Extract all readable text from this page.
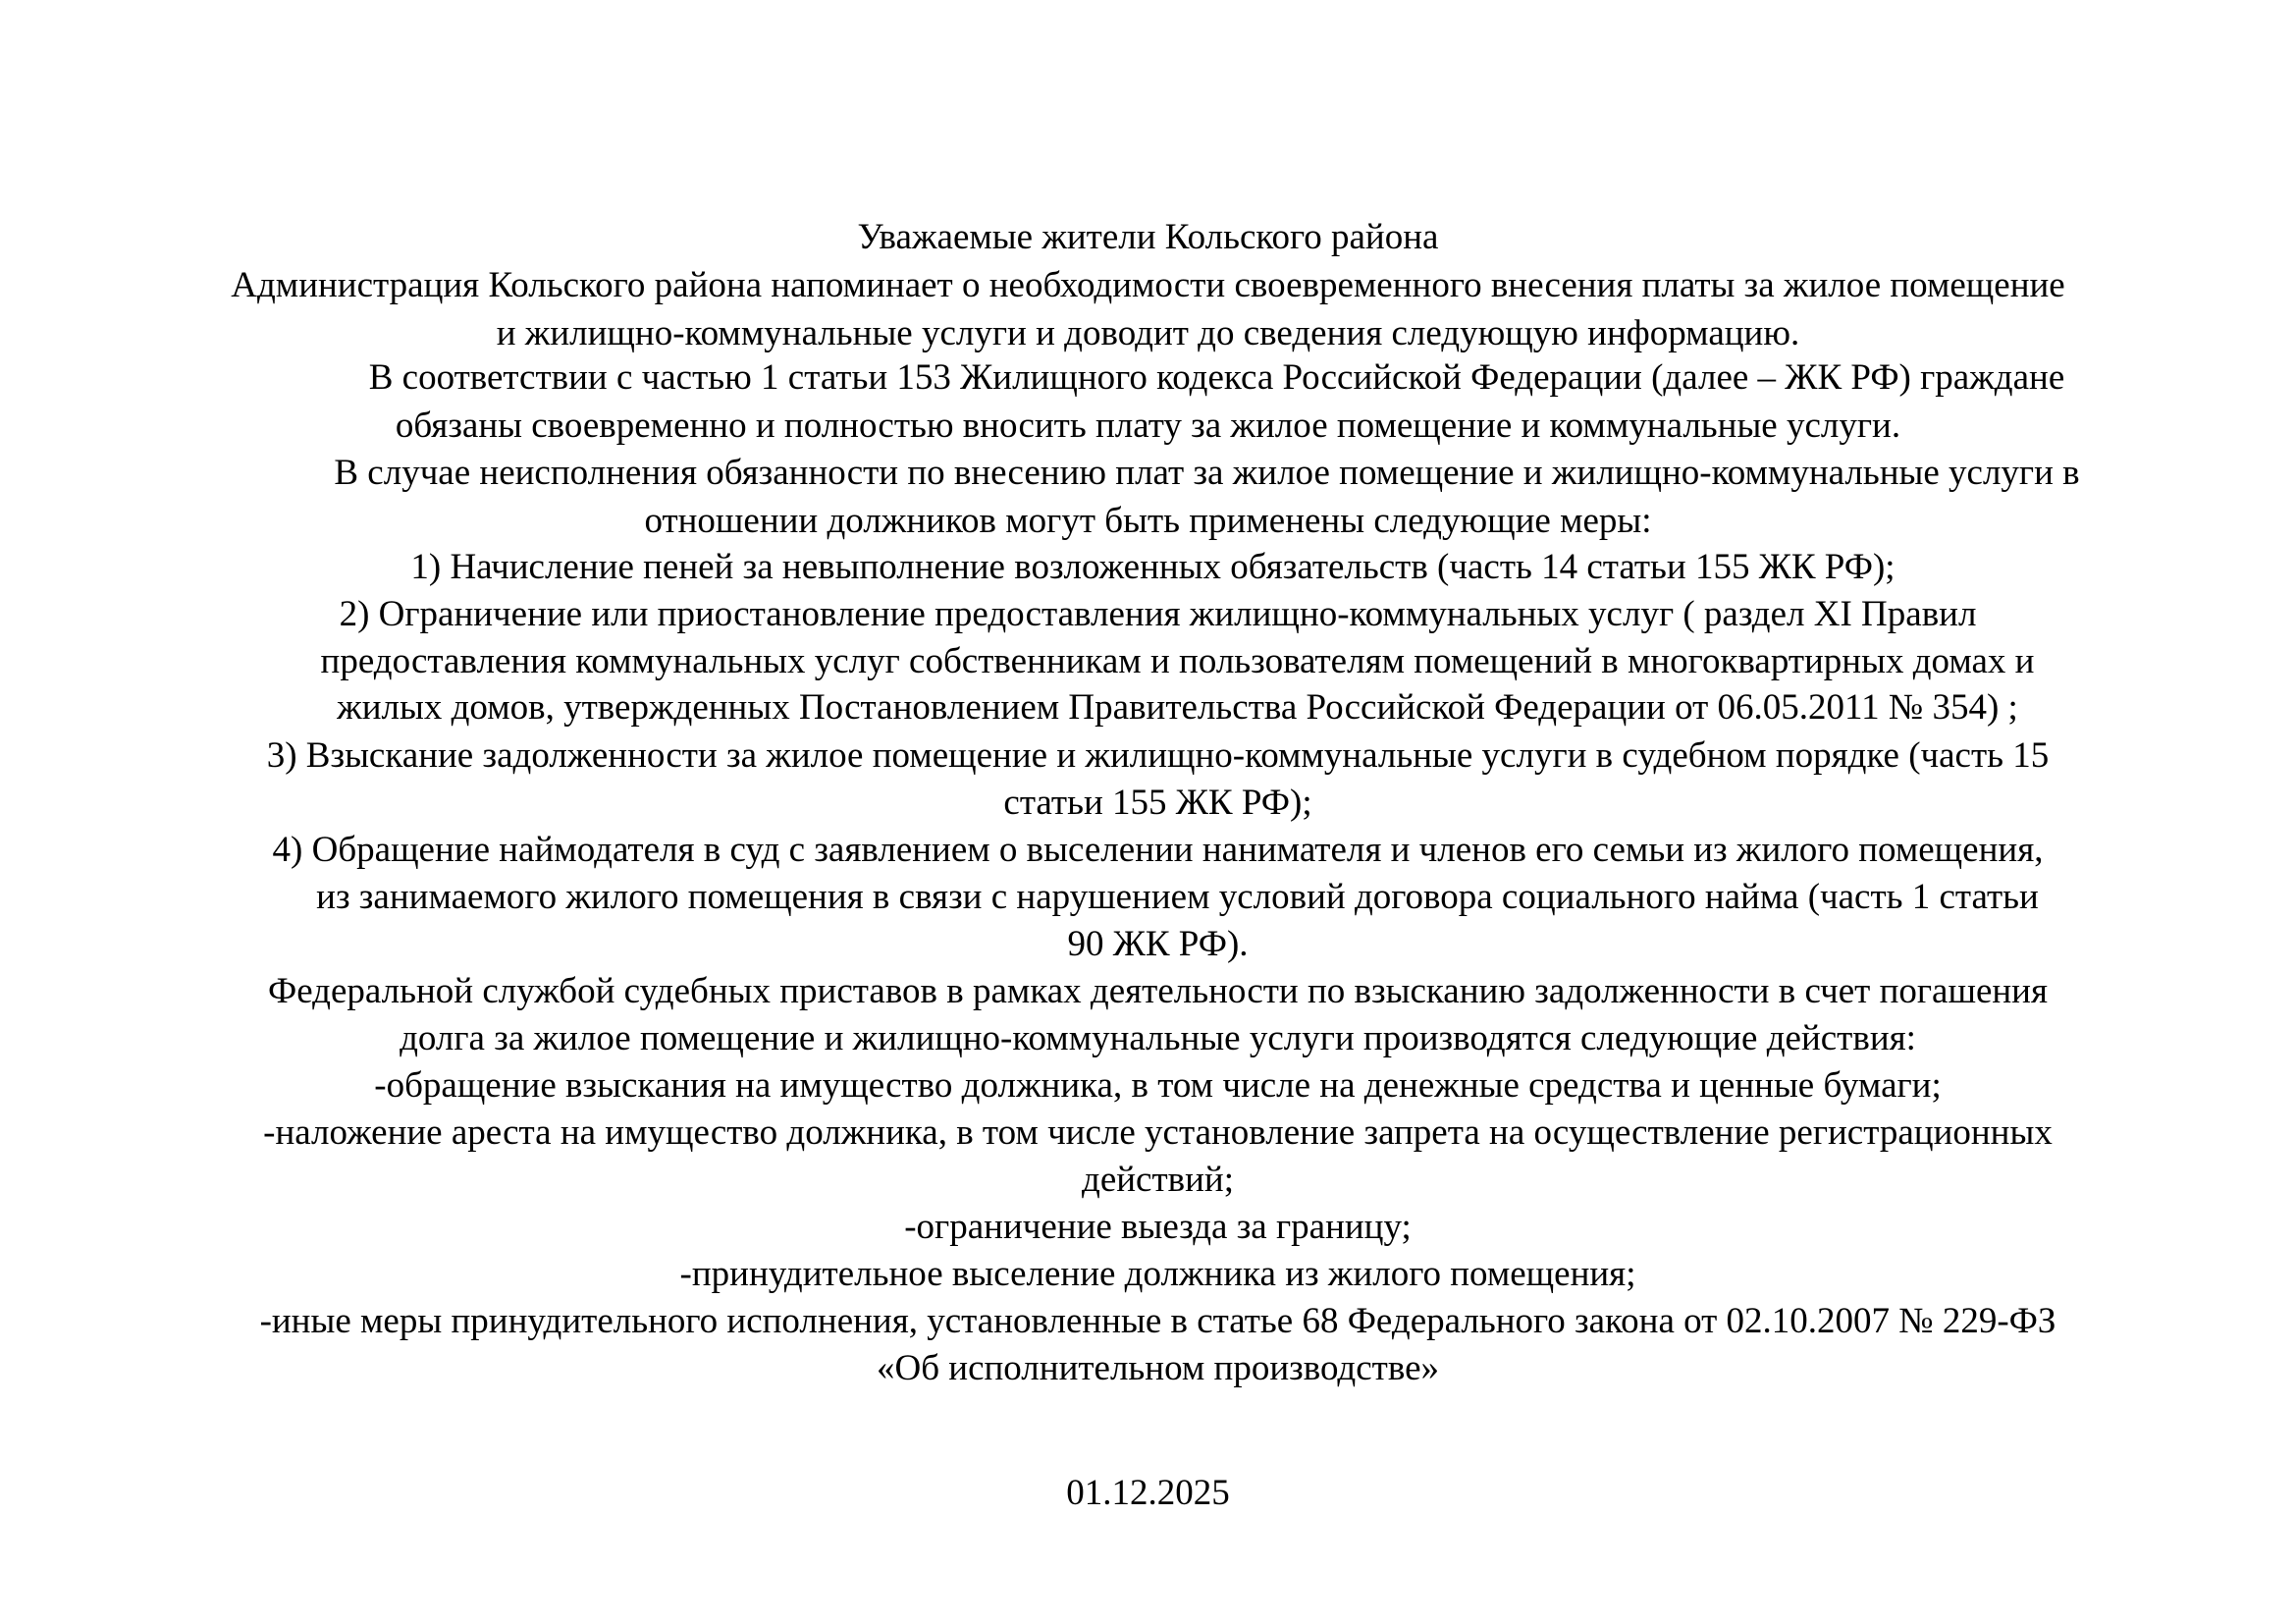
Уважаемые жители Кольского района
Администрация Кольского района напоминает о необходимости своевременного внесения платы за жилое помещение
и жилищно-коммунальные услуги и доводит до сведения следующую информацию.
В соответствии с частью 1 статьи 153 Жилищного кодекса Российской Федерации (далее – ЖК РФ) граждане
обязаны своевременно и полностью вносить плату за жилое помещение и коммунальные услуги.
В случае неисполнения обязанности по внесению плат за жилое помещение и жилищно-коммунальные услуги в
отношении должников могут быть применены следующие меры:
1) Начисление пеней за невыполнение возложенных обязательств (часть 14 статьи 155 ЖК РФ);
2) Ограничение или приостановление предоставления жилищно-коммунальных услуг ( раздел XI Правил
предоставления коммунальных услуг собственникам и пользователям помещений в многоквартирных домах и
жилых домов, утвержденных Постановлением Правительства Российской Федерации от 06.05.2011 № 354) ;
3) Взыскание задолженности за жилое помещение и жилищно-коммунальные услуги в судебном порядке (часть 15
статьи 155 ЖК РФ);
4) Обращение наймодателя в суд с заявлением о выселении нанимателя и членов его семьи из жилого помещения,
из занимаемого жилого помещения в связи с нарушением условий договора социального найма (часть 1 статьи
90 ЖК РФ).
Федеральной службой судебных приставов в рамках деятельности по взысканию задолженности в счет погашения
долга за жилое помещение и жилищно-коммунальные услуги производятся следующие действия:
-обращение взыскания на имущество должника, в том числе на денежные средства и ценные бумаги;
-наложение ареста на имущество должника, в том числе установление запрета на осуществление регистрационных
действий;
-ограничение выезда за границу;
-принудительное выселение должника из жилого помещения;
-иные меры принудительного исполнения, установленные в статье 68 Федерального закона от 02.10.2007 № 229-ФЗ
«Об исполнительном производстве»
01.12.2025
